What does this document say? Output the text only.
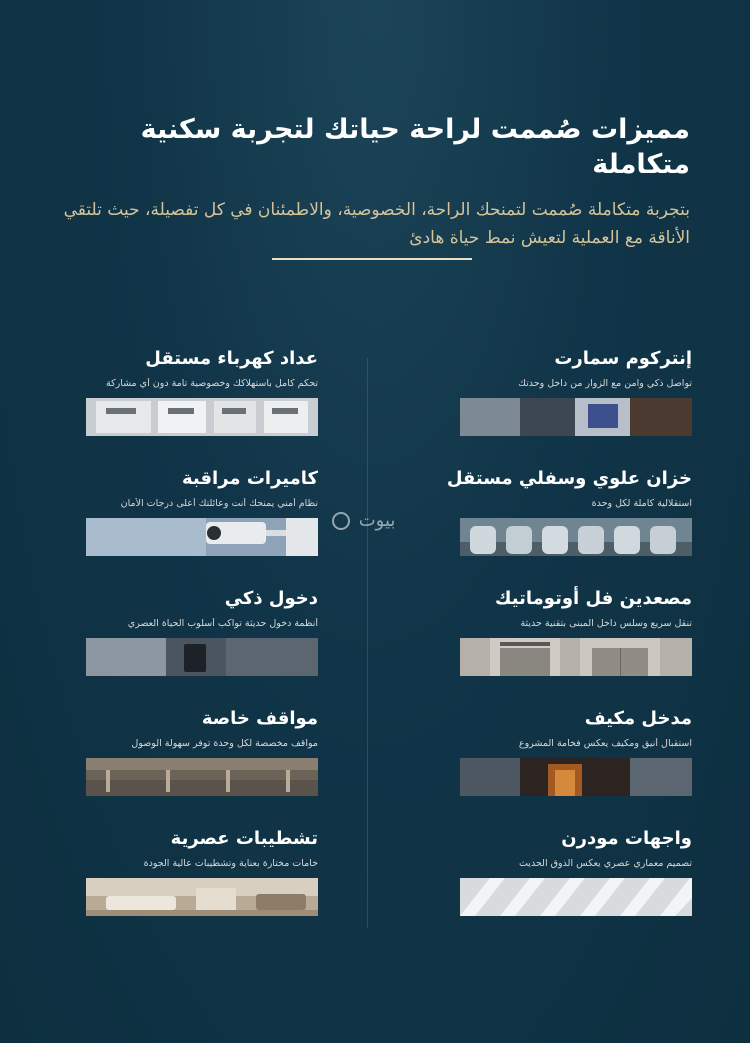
مميزات صُممت لراحة حياتك لتجربة سكنية متكاملة
بتجربة متكاملة صُممت لتمنحك الراحة، الخصوصية، والاطمئنان في كل تفصيلة، حيث تلتقي الأناقة مع العملية لتعيش نمط حياة هادئ
إنتركوم سمارت
تواصل ذكي وآمن مع الزوار من داخل وحدتك
عداد كهرباء مستقل
تحكم كامل باستهلاكك وخصوصية تامة دون أي مشاركة
خزان علوي وسفلي مستقل
استقلالية كاملة لكل وحدة
كاميرات مراقبة
نظام أمني يمنحك أنت وعائلتك أعلى درجات الأمان
مصعدين فل أوتوماتيك
تنقل سريع وسلس داخل المبنى بتقنية حديثة
دخول ذكي
أنظمة دخول حديثة تواكب أسلوب الحياة العصري
مدخل مكيف
استقبال أنيق ومكيف يعكس فخامة المشروع
مواقف خاصة
مواقف مخصصة لكل وحدة توفر سهولة الوصول
واجهات مودرن
تصميم معماري عصري يعكس الذوق الحديث
تشطيبات عصرية
خامات مختارة بعناية وتشطيبات عالية الجودة
بيوت
